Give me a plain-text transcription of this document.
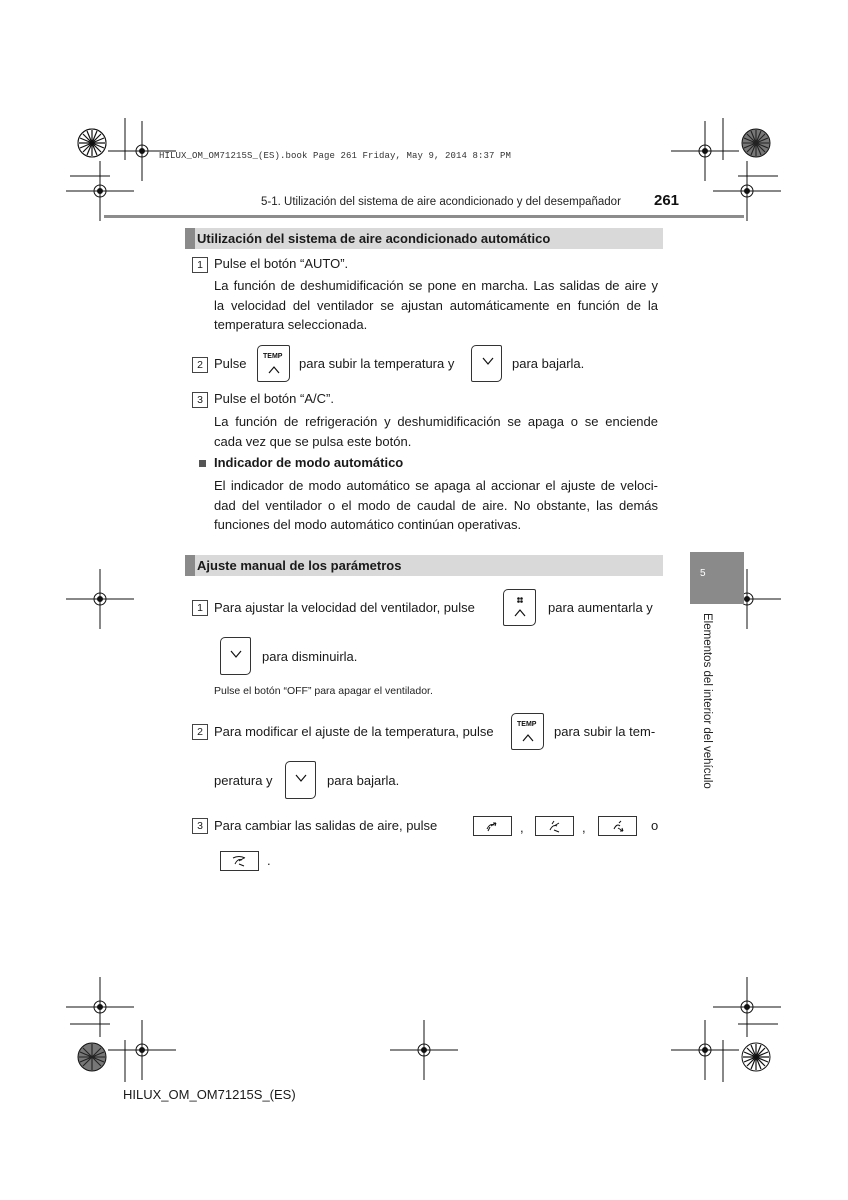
HILUX_OM_OM71215S_(ES).book Page 261 Friday, May 9, 2014 8:37 PM
5-1. Utilización del sistema de aire acondicionado y del desempañador 261
5
Elementos del interior del vehículo
Utilización del sistema de aire acondicionado automático
1 Pulse el botón “AUTO”.
La función de deshumidificación se pone en marcha. Las salidas de aire y
la velocidad del ventilador se ajustan automáticamente en función de la
temperatura seleccionada.
2 Pulse TEMP para subir la temperatura y	para bajarla.
3 Pulse el botón “A/C”.
La función de refrigeración y deshumidificación se apaga o se enciende
cada vez que se pulsa este botón.
Indicador de modo automático
El indicador de modo automático se apaga al accionar el ajuste de veloci-
dad del ventilador o el modo de caudal de aire. No obstante, las demás
funciones del modo automático continúan operativas.
Ajuste manual de los parámetros
1 Para ajustar la velocidad del ventilador, pulse	para aumentarla y
para disminuirla.
Pulse el botón “OFF” para apagar el ventilador.
2 Para modificar el ajuste de la temperatura, pulse	TEMP para subir la tem-
peratura y	para bajarla.
3 Para cambiar las salidas de aire, pulse	,	,	o
.
HILUX_OM_OM71215S_(ES)
